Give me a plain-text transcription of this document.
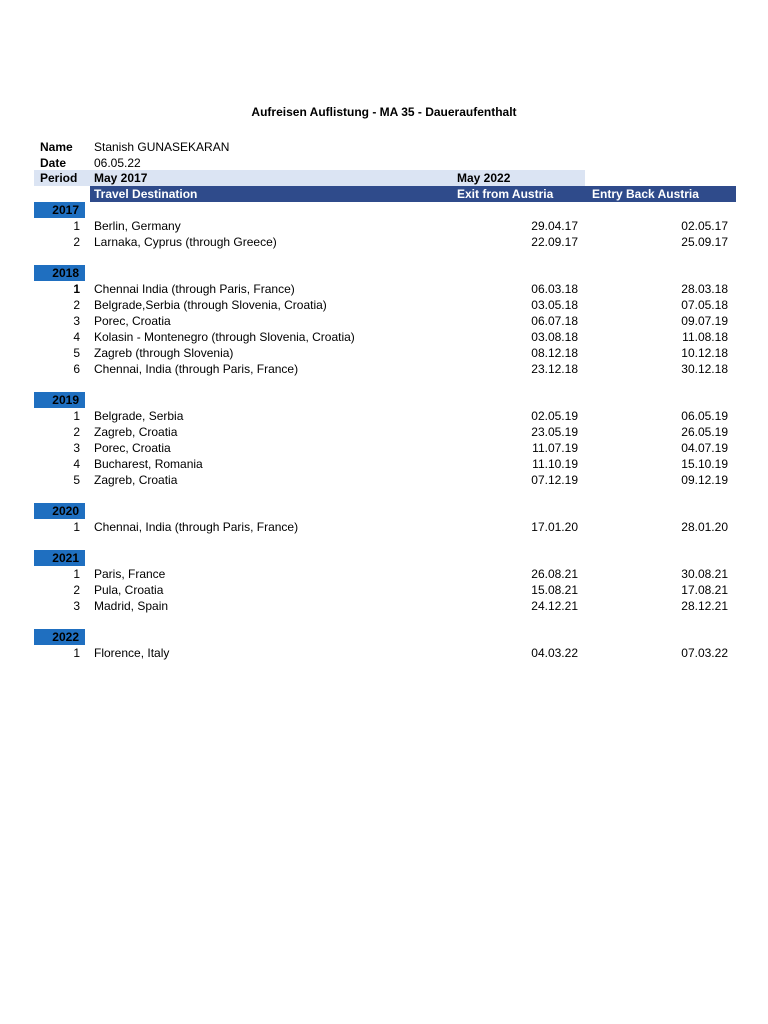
Aufreisen Auflistung - MA 35 - Daueraufenthalt
Name Stanish GUNASEKARAN
Date 06.05.22
Period May 2017	May 2022
Travel Destination	Exit from Austria	Entry Back Austria
2017
1 Berlin, Germany	29.04.17	02.05.17
2 Larnaka, Cyprus (through Greece)	22.09.17	25.09.17
2018
1 Chennai India (through Paris, France)	06.03.18	28.03.18
2 Belgrade,Serbia (through Slovenia, Croatia)	03.05.18	07.05.18
3 Porec, Croatia	06.07.18	09.07.19
4 Kolasin - Montenegro (through Slovenia, Croatia)	03.08.18	11.08.18
5 Zagreb (through Slovenia)	08.12.18	10.12.18
6 Chennai, India (through Paris, France)	23.12.18	30.12.18
2019
1 Belgrade, Serbia	02.05.19	06.05.19
2 Zagreb, Croatia	23.05.19	26.05.19
3 Porec, Croatia	11.07.19	04.07.19
4 Bucharest, Romania	11.10.19	15.10.19
5 Zagreb, Croatia	07.12.19	09.12.19
2020
1 Chennai, India (through Paris, France)	17.01.20	28.01.20
2021
1 Paris, France	26.08.21	30.08.21
2 Pula, Croatia	15.08.21	17.08.21
3 Madrid, Spain	24.12.21	28.12.21
2022
1 Florence, Italy	04.03.22	07.03.22
